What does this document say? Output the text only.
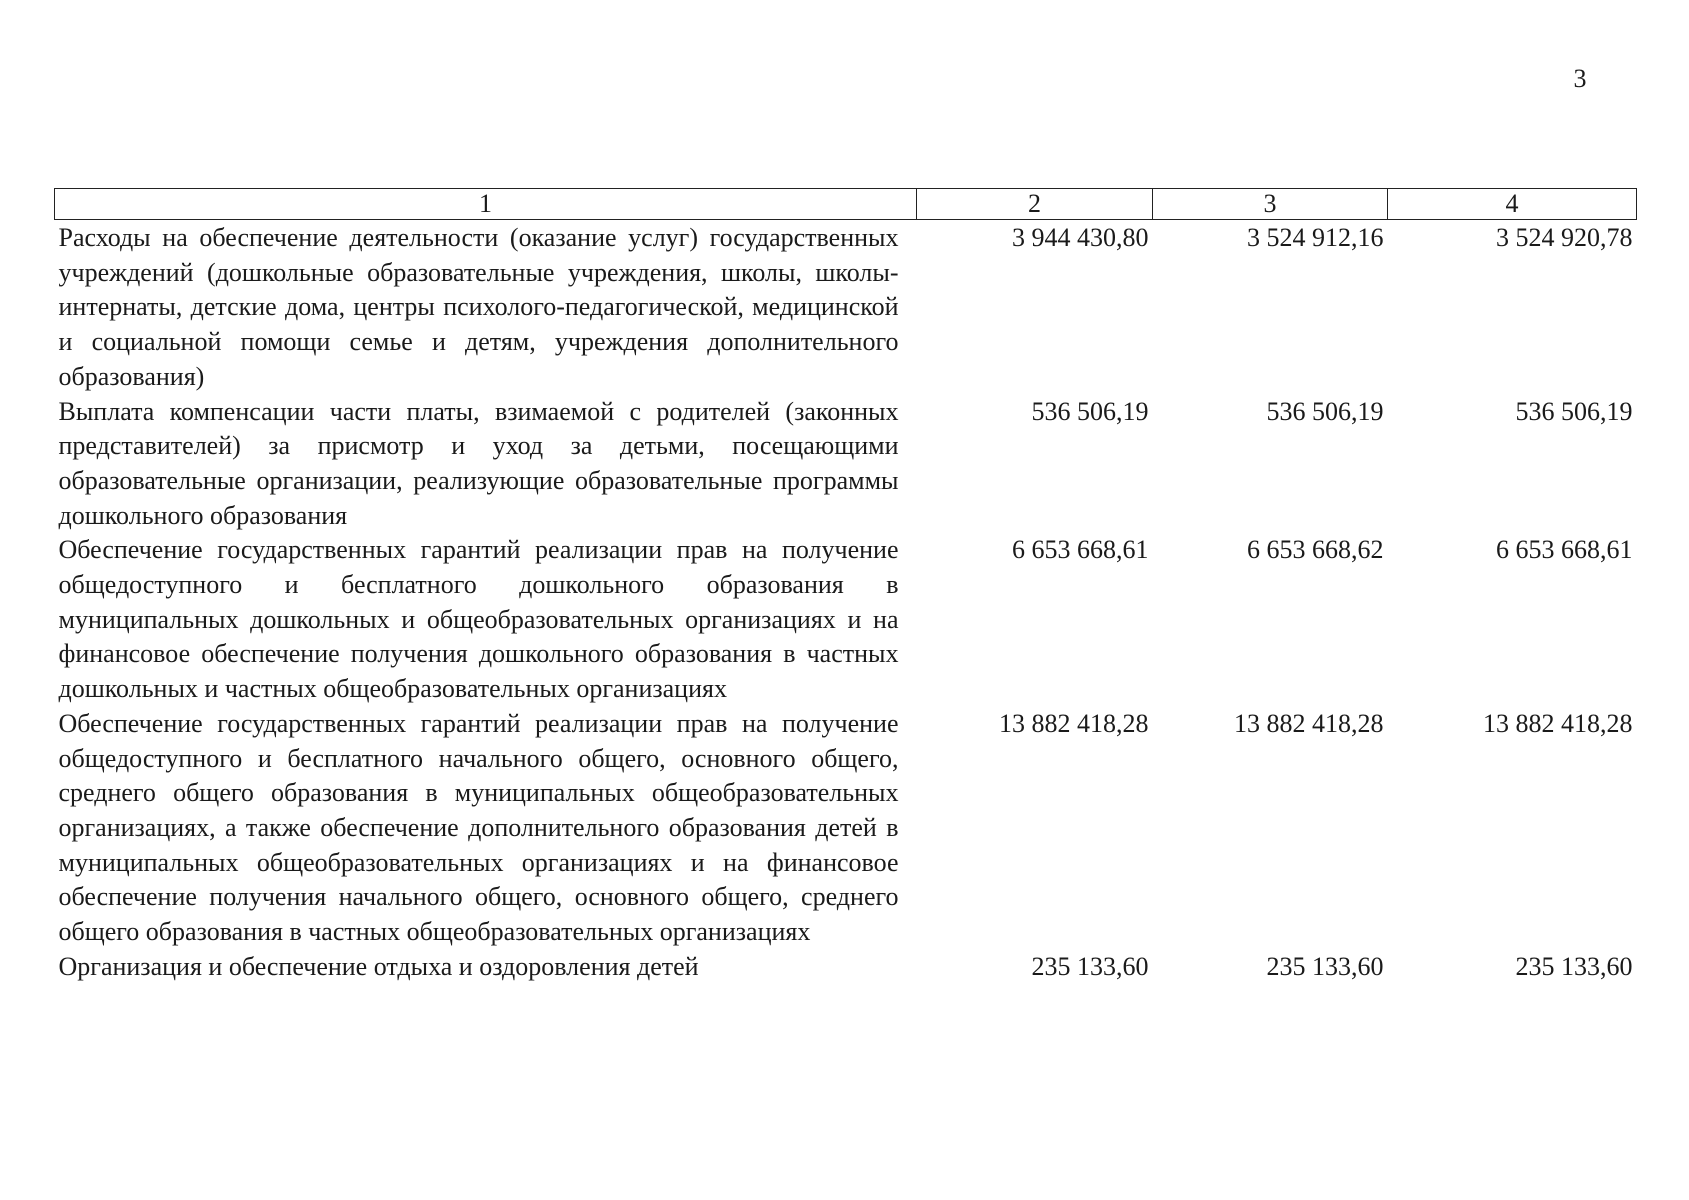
3
1	2	3	4
Расходы на обеспечение деятельности (оказание услуг) государственных учреждений (дошкольные образовательные учреждения, школы, школы-интернаты, детские дома, центры психолого-педагогической, медицинской и социальной помощи семье и детям, учреждения дополнительного образования)	3 944 430,80	3 524 912,16	3 524 920,78
Выплата компенсации части платы, взимаемой с родителей (законных представителей) за присмотр и уход за детьми, посещающими образовательные организации, реализующие образовательные программы дошкольного образования	536 506,19	536 506,19	536 506,19
Обеспечение государственных гарантий реализации прав на получение общедоступного и бесплатного дошкольного образования в муниципальных дошкольных и общеобразовательных организациях и на финансовое обеспечение получения дошкольного образования в частных дошкольных и частных общеобразовательных организациях	6 653 668,61	6 653 668,62	6 653 668,61
Обеспечение государственных гарантий реализации прав на получение общедоступного и бесплатного начального общего, основного общего, среднего общего образования в муниципальных общеобразовательных организациях, а также обеспечение дополнительного образования детей в муниципальных общеобразовательных организациях и на финансовое обеспечение получения начального общего, основного общего, среднего общего образования в частных общеобразовательных организациях	13 882 418,28	13 882 418,28	13 882 418,28
Организация и обеспечение отдыха и оздоровления детей	235 133,60	235 133,60	235 133,60
